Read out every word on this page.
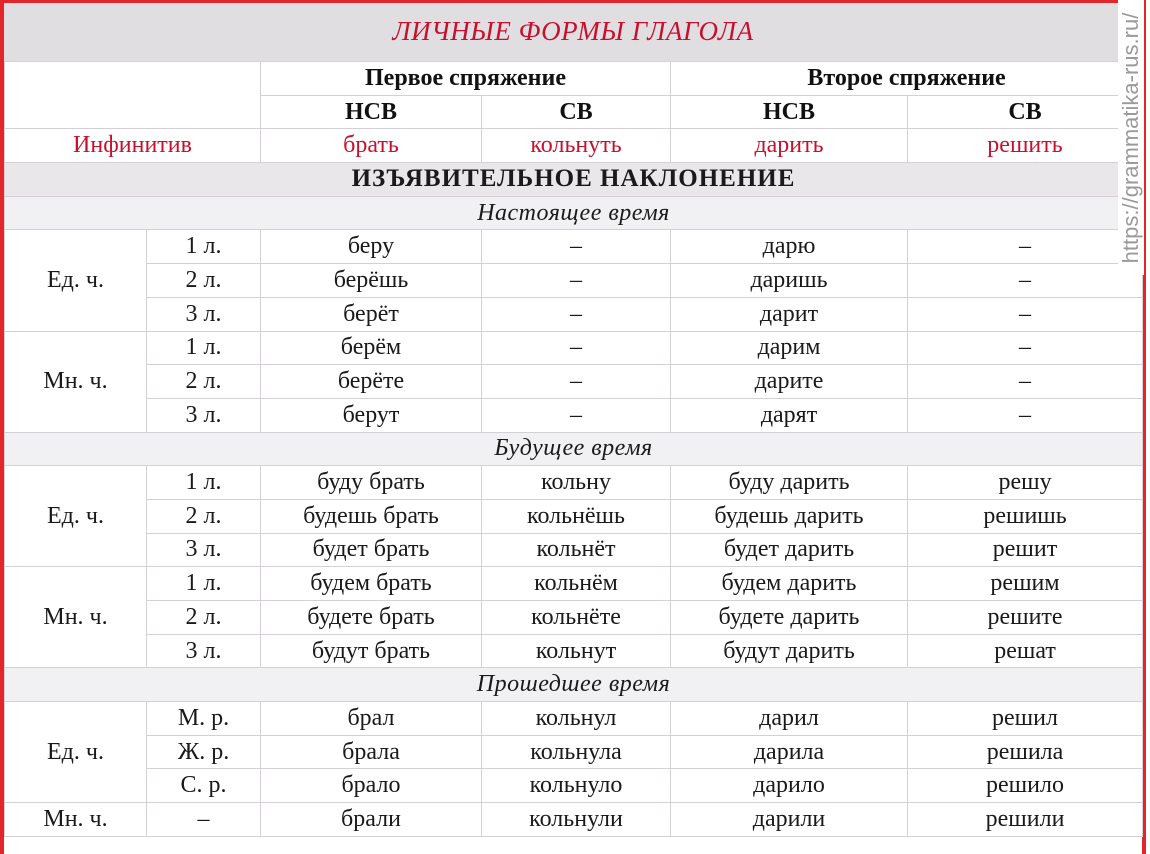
ЛИЧНЫЕ ФОРМЫ ГЛАГОЛА
		Первое спряжение		Второе спряжение	
		НСВ	СВ	НСВ	СВ
Инфинитив		брать	кольнуть	дарить	решить
ИЗЪЯВИТЕЛЬНОЕ НАКЛОНЕНИЕ					
Настоящее время					
Ед. ч.	1 л.	беру	–	дарю	–
	2 л.	берёшь	–	даришь	–
	3 л.	берёт	–	дарит	–
Мн. ч.	1 л.	берём	–	дарим	–
	2 л.	берёте	–	дарите	–
	3 л.	берут	–	дарят	–
Будущее время					
Ед. ч.	1 л.	буду брать	кольну	буду дарить	решу
	2 л.	будешь брать	кольнёшь	будешь дарить	решишь
	3 л.	будет брать	кольнёт	будет дарить	решит
Мн. ч.	1 л.	будем брать	кольнём	будем дарить	решим
	2 л.	будете брать	кольнёте	будете дарить	решите
	3 л.	будут брать	кольнут	будут дарить	решат
Прошедшее время					
Ед. ч.	М. р.	брал	кольнул	дарил	решил
	Ж. р.	брала	кольнула	дарила	решила
	С. р.	брало	кольнуло	дарило	решило
Мн. ч.	–	брали	кольнули	дарили	решили
https://grammatika-rus.ru/
